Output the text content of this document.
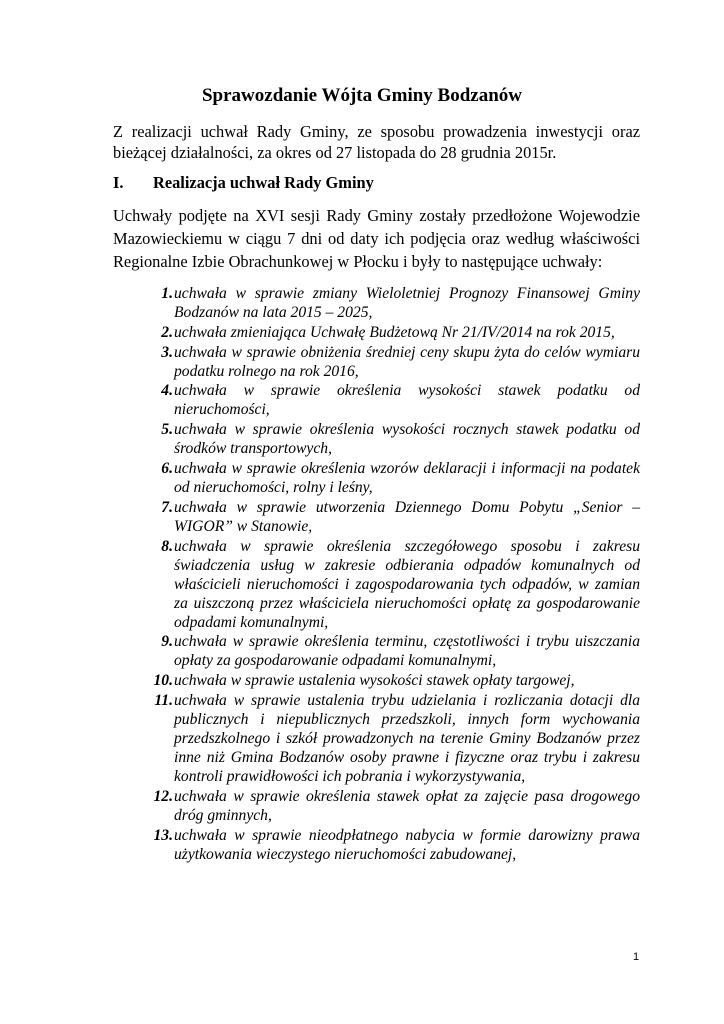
Sprawozdanie Wójta Gminy Bodzanów

Z realizacji uchwał Rady Gminy, ze sposobu prowadzenia inwestycji oraz bieżącej działalności, za okres od 27 listopada do 28 grudnia 2015r.

I. Realizacja uchwał Rady Gminy

Uchwały podjęte na XVI sesji Rady Gminy zostały przedłożone Wojewodzie Mazowieckiemu w ciągu 7 dni od daty ich podjęcia oraz według właściwości Regionalne Izbie Obrachunkowej w Płocku i były to następujące uchwały:

1. uchwała w sprawie zmiany Wieloletniej Prognozy Finansowej Gminy Bodzanów na lata 2015 – 2025,
2. uchwała zmieniająca Uchwałę Budżetową Nr 21/IV/2014 na rok 2015,
3. uchwała w sprawie obniżenia średniej ceny skupu żyta do celów wymiaru podatku rolnego na rok 2016,
4. uchwała w sprawie określenia wysokości stawek podatku od nieruchomości,
5. uchwała w sprawie określenia wysokości rocznych stawek podatku od środków transportowych,
6. uchwała w sprawie określenia wzorów deklaracji i informacji na podatek od nieruchomości, rolny i leśny,
7. uchwała w sprawie utworzenia Dziennego Domu Pobytu „Senior – WIGOR” w Stanowie,
8. uchwała w sprawie określenia szczegółowego sposobu i zakresu świadczenia usług w zakresie odbierania odpadów komunalnych od właścicieli nieruchomości i zagospodarowania tych odpadów, w zamian za uiszczoną przez właściciela nieruchomości opłatę za gospodarowanie odpadami komunalnymi,
9. uchwała w sprawie określenia terminu, częstotliwości i trybu uiszczania opłaty za gospodarowanie odpadami komunalnymi,
10. uchwała w sprawie ustalenia wysokości stawek opłaty targowej,
11. uchwała w sprawie ustalenia trybu udzielania i rozliczania dotacji dla publicznych i niepublicznych przedszkoli, innych form wychowania przedszkolnego i szkół prowadzonych na terenie Gminy Bodzanów przez inne niż Gmina Bodzanów osoby prawne i fizyczne oraz trybu i zakresu kontroli prawidłowości ich pobrania i wykorzystywania,
12. uchwała w sprawie określenia stawek opłat za zajęcie pasa drogowego dróg gminnych,
13. uchwała w sprawie nieodpłatnego nabycia w formie darowizny prawa użytkowania wieczystego nieruchomości zabudowanej,

1
